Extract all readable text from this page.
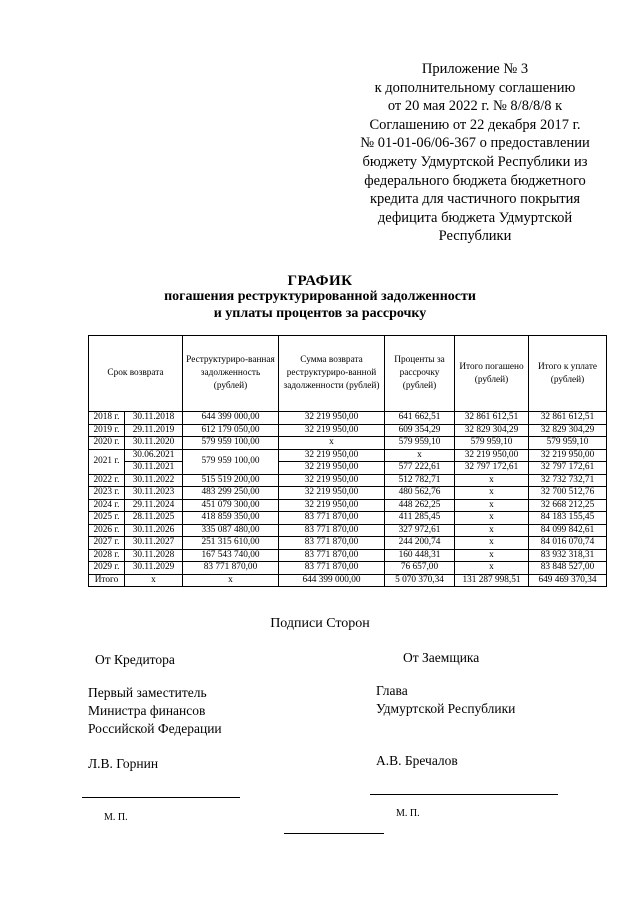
Приложение № 3
к дополнительному соглашению
от 20 мая 2022 г. № 8/8/8/8 к
Соглашению от 22 декабря 2017 г.
№ 01-01-06/06-367 о предоставлении
бюджету Удмуртской Республики из
федерального бюджета бюджетного
кредита для частичного покрытия
дефицита бюджета Удмуртской
Республики
ГРАФИК
погашения реструктурированной задолженности
и уплаты процентов за рассрочку
Срок возврата		Реструктуриро-ванная задолженность (рублей)	Сумма возврата реструктуриро-ванной задолженности (рублей)	Проценты за рассрочку (рублей)	Итого погашено (рублей)	Итого к уплате (рублей)
2018 г.	30.11.2018	644 399 000,00	32 219 950,00	641 662,51	32 861 612,51	32 861 612,51
2019 г.	29.11.2019	612 179 050,00	32 219 950,00	609 354,29	32 829 304,29	32 829 304,29
2020 г.	30.11.2020	579 959 100,00	x	579 959,10	579 959,10	579 959,10
2021 г.	30.06.2021	579 959 100,00	32 219 950,00	x	32 219 950,00	32 219 950,00
	30.11.2021		32 219 950,00	577 222,61	32 797 172,61	32 797 172,61
2022 г.	30.11.2022	515 519 200,00	32 219 950,00	512 782,71	x	32 732 732,71
2023 г.	30.11.2023	483 299 250,00	32 219 950,00	480 562,76	x	32 700 512,76
2024 г.	29.11.2024	451 079 300,00	32 219 950,00	448 262,25	x	32 668 212,25
2025 г.	28.11.2025	418 859 350,00	83 771 870,00	411 285,45	x	84 183 155,45
2026 г.	30.11.2026	335 087 480,00	83 771 870,00	327 972,61	x	84 099 842,61
2027 г.	30.11.2027	251 315 610,00	83 771 870,00	244 200,74	x	84 016 070,74
2028 г.	30.11.2028	167 543 740,00	83 771 870,00	160 448,31	x	83 932 318,31
2029 г.	30.11.2029	83 771 870,00	83 771 870,00	76 657,00	x	83 848 527,00
Итого	x	x	644 399 000,00	5 070 370,34	131 287 998,51	649 469 370,34
Подписи Сторон
От Кредитора	От Заемщика
Первый заместитель
Министра финансов
Российской Федерации
Глава
Удмуртской Республики
Л.В. Горнин	А.В. Бречалов
М. П.	М. П.
